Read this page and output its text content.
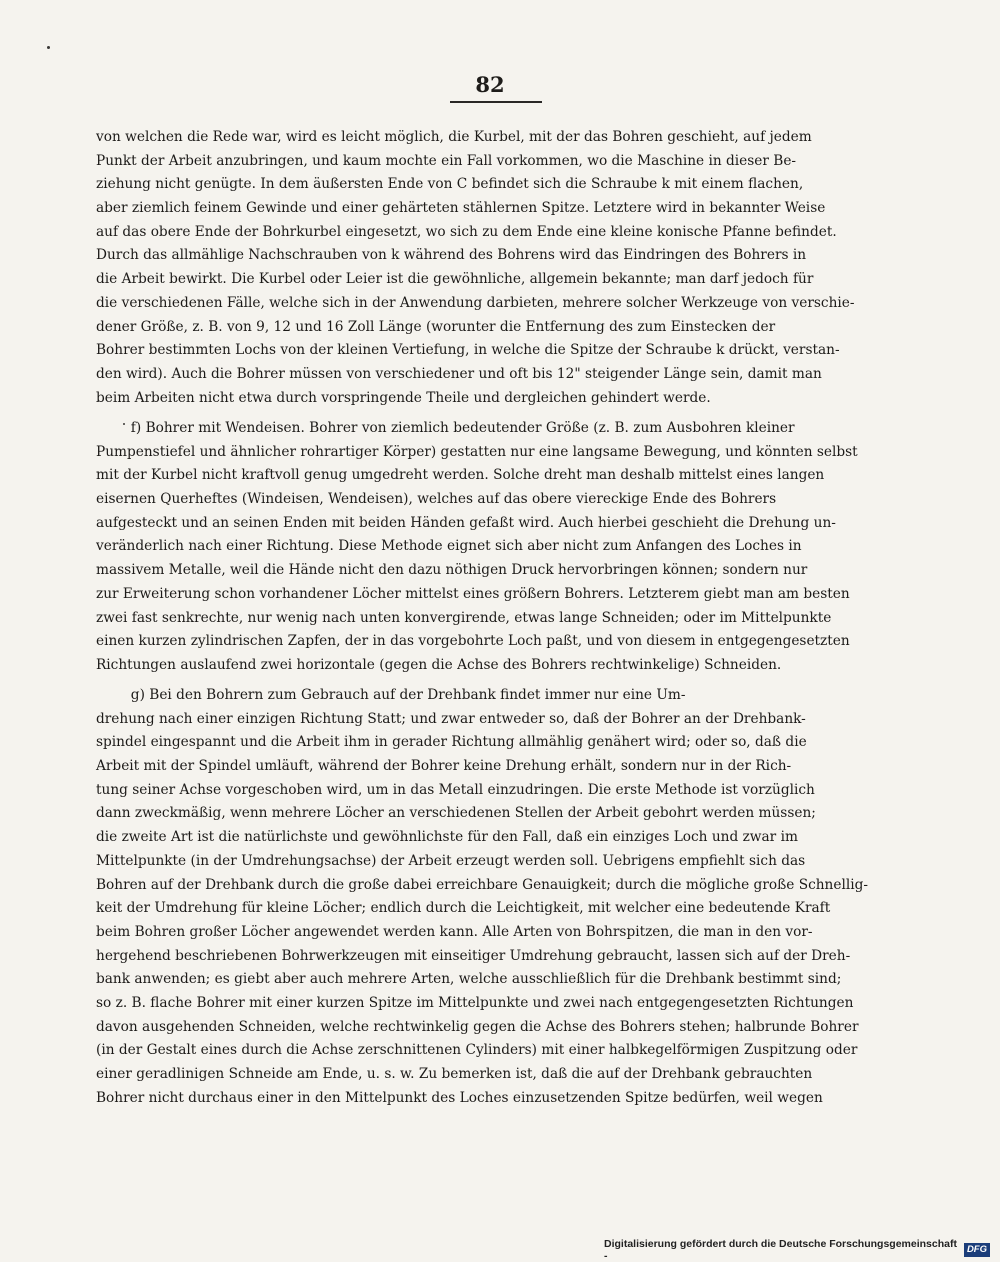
82
von welchen die Rede war, wird es leicht möglich, die Kurbel, mit der das Bohren geschieht, auf jedem
Punkt der Arbeit anzubringen, und kaum mochte ein Fall vorkommen, wo die Maschine in dieser Be-
ziehung nicht genügte. In dem äußersten Ende von C befindet sich die Schraube k mit einem flachen,
aber ziemlich feinem Gewinde und einer gehärteten stählernen Spitze. Letztere wird in bekannter Weise
auf das obere Ende der Bohrkurbel eingesetzt, wo sich zu dem Ende eine kleine konische Pfanne befindet.
Durch das allmählige Nachschrauben von k während des Bohrens wird das Eindringen des Bohrers in
die Arbeit bewirkt. Die Kurbel oder Leier ist die gewöhnliche, allgemein bekannte; man darf jedoch für
die verschiedenen Fälle, welche sich in der Anwendung darbieten, mehrere solcher Werkzeuge von verschie-
dener Größe, z. B. von 9, 12 und 16 Zoll Länge (worunter die Entfernung des zum Einstecken der
Bohrer bestimmten Lochs von der kleinen Vertiefung, in welche die Spitze der Schraube k drückt, verstan-
den wird). Auch die Bohrer müssen von verschiedener und oft bis 12" steigender Länge sein, damit man
beim Arbeiten nicht etwa durch vorspringende Theile und dergleichen gehindert werde.
f) Bohrer mit Wendeisen. Bohrer von ziemlich bedeutender Größe (z. B. zum Ausbohren kleiner
Pumpenstiefel und ähnlicher rohrartiger Körper) gestatten nur eine langsame Bewegung, und könnten selbst
mit der Kurbel nicht kraftvoll genug umgedreht werden. Solche dreht man deshalb mittelst eines langen
eisernen Querheftes (Windeisen, Wendeisen), welches auf das obere viereckige Ende des Bohrers
aufgesteckt und an seinen Enden mit beiden Händen gefaßt wird. Auch hierbei geschieht die Drehung un-
veränderlich nach einer Richtung. Diese Methode eignet sich aber nicht zum Anfangen des Loches in
massivem Metalle, weil die Hände nicht den dazu nöthigen Druck hervorbringen können; sondern nur
zur Erweiterung schon vorhandener Löcher mittelst eines größern Bohrers. Letzterem giebt man am besten
zwei fast senkrechte, nur wenig nach unten konvergirende, etwas lange Schneiden; oder im Mittelpunkte
einen kurzen zylindrischen Zapfen, der in das vorgebohrte Loch paßt, und von diesem in entgegengesetzten
Richtungen auslaufend zwei horizontale (gegen die Achse des Bohrers rechtwinkelige) Schneiden.
g) Bei den Bohrern zum Gebrauch auf der Drehbank findet immer nur eine Um-
drehung nach einer einzigen Richtung Statt; und zwar entweder so, daß der Bohrer an der Drehbank-
spindel eingespannt und die Arbeit ihm in gerader Richtung allmählig genähert wird; oder so, daß die
Arbeit mit der Spindel umläuft, während der Bohrer keine Drehung erhält, sondern nur in der Rich-
tung seiner Achse vorgeschoben wird, um in das Metall einzudringen. Die erste Methode ist vorzüglich
dann zweckmäßig, wenn mehrere Löcher an verschiedenen Stellen der Arbeit gebohrt werden müssen;
die zweite Art ist die natürlichste und gewöhnlichste für den Fall, daß ein einziges Loch und zwar im
Mittelpunkte (in der Umdrehungsachse) der Arbeit erzeugt werden soll. Uebrigens empfiehlt sich das
Bohren auf der Drehbank durch die große dabei erreichbare Genauigkeit; durch die mögliche große Schnellig-
keit der Umdrehung für kleine Löcher; endlich durch die Leichtigkeit, mit welcher eine bedeutende Kraft
beim Bohren großer Löcher angewendet werden kann. Alle Arten von Bohrspitzen, die man in den vor-
hergehend beschriebenen Bohrwerkzeugen mit einseitiger Umdrehung gebraucht, lassen sich auf der Dreh-
bank anwenden; es giebt aber auch mehrere Arten, welche ausschließlich für die Drehbank bestimmt sind;
so z. B. flache Bohrer mit einer kurzen Spitze im Mittelpunkte und zwei nach entgegengesetzten Richtungen
davon ausgehenden Schneiden, welche rechtwinkelig gegen die Achse des Bohrers stehen; halbrunde Bohrer
(in der Gestalt eines durch die Achse zerschnittenen Cylinders) mit einer halbkegelförmigen Zuspitzung oder
einer geradlinigen Schneide am Ende, u. s. w. Zu bemerken ist, daß die auf der Drehbank gebrauchten
Bohrer nicht durchaus einer in den Mittelpunkt des Loches einzusetzenden Spitze bedürfen, weil wegen
Digitalisierung gefördert durch die Deutsche Forschungsgemeinschaft -
DFG
